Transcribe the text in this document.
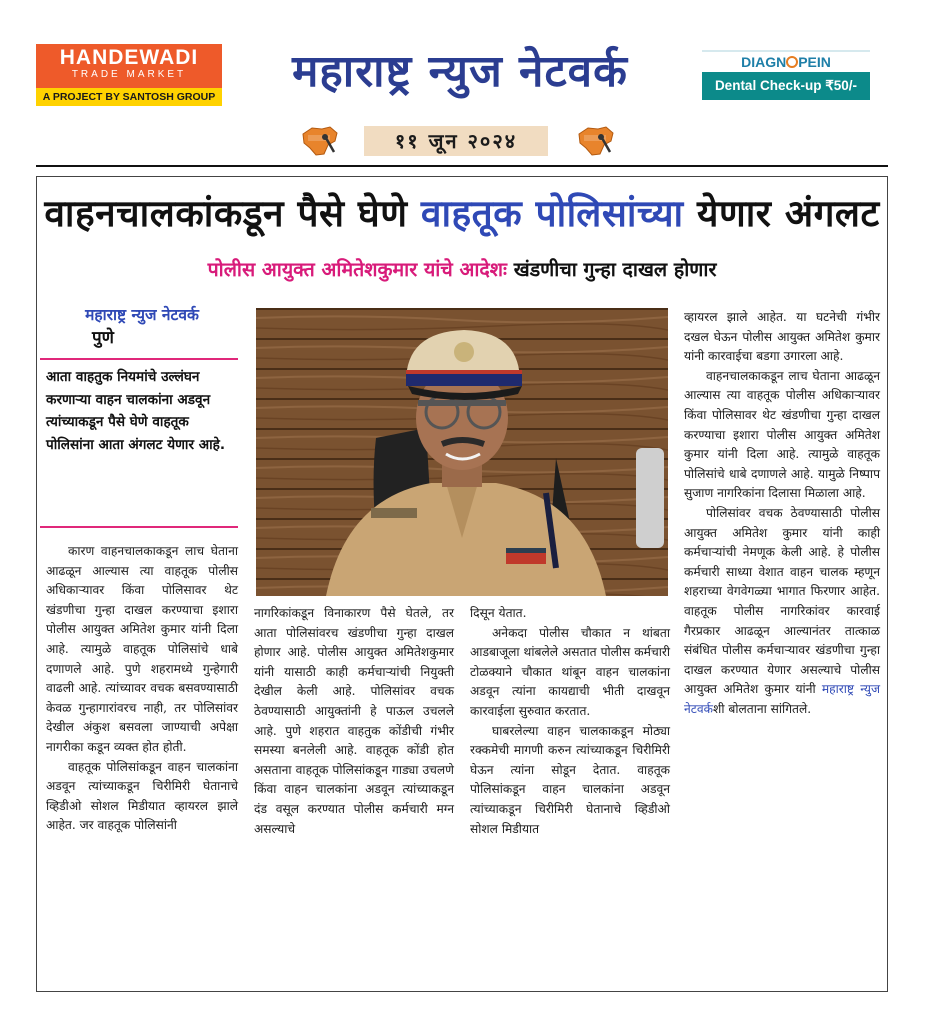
HANDEWADI
TRADE MARKET
A PROJECT BY SANTOSH GROUP	महाराष्ट्र न्युज नेटवर्क	DIAGN PEIN
Dental Check-up ₹50/-
११ जून २०२४
वाहनचालकांकडून पैसे घेणे वाहतूक पोलिसांच्या येणार अंगलट
पोलीस आयुक्त अमितेशकुमार यांचे आदेशः खंडणीचा गुन्हा दाखल होणार
महाराष्ट्र न्युज नेटवर्क
पुणे
आता वाहतुक नियमांचे उल्लंघन करणाऱ्या वाहन चालकांना अडवून त्यांच्याकडून पैसे घेणे वाहतूक पोलिसांना आता अंगलट येणार आहे.

कारण वाहनचालकाकडून लाच घेताना आढळून आल्यास त्या वाहतूक पोलीस अधिकाऱ्यावर किंवा पोलिसावर थेट खंडणीचा गुन्हा दाखल करण्याचा इशारा पोलीस आयुक्त अमितेश कुमार यांनी दिला आहे. त्यामुळे वाहतूक पोलिसांचे धाबे दणाणले आहे. पुणे शहरामध्ये गुन्हेगारी वाढली आहे. त्यांच्यावर वचक बसवण्यासाठी केवळ गुन्हागारांवरच नाही, तर पोलिसांवर देखील अंकुश बसवला जाण्याची अपेक्षा नागरीका कडून व्यक्त होत होती.

वाहतूक पोलिसांकडून वाहन चालकांना अडवून त्यांच्याकडून चिरीमिरी घेतानाचे व्हिडीओ सोशल मिडीयात व्हायरल झाले आहेत. जर वाहतूक पोलिसांनी

नागरिकांकडून विनाकारण पैसे घेतले, तर आता पोलिसांवरच खंडणीचा गुन्हा दाखल होणार आहे. पोलीस आयुक्त अमितेशकुमार यांनी यासाठी काही कर्मचाऱ्यांची नियुक्ती देखील केली आहे. पोलिसांवर वचक ठेवण्यासाठी आयुक्तांनी हे पाऊल उचलले आहे. पुणे शहरात वाहतुक कोंडीची गंभीर समस्या बनलेली आहे. वाहतूक कोंडी होत असताना वाहतूक पोलिसांकडून गाड्या उचलणे किंवा वाहन चालकांना अडवून त्यांच्याकडून दंड वसूल करण्यात पोलीस कर्मचारी मग्न असल्याचे

दिसून येतात.

अनेकदा पोलीस चौकात न थांबता आडबाजूला थांबलेले असतात पोलीस कर्मचारी टोळक्याने चौकात थांबून वाहन चालकांना अडवून त्यांना कायद्याची भीती दाखवून कारवाईला सुरुवात करतात.

घाबरलेल्या वाहन चालकाकडून मोठ्या रक्कमेची मागणी करुन त्यांच्याकडून चिरीमिरी घेऊन त्यांना सोडून देतात. वाहतूक पोलिसांकडून वाहन चालकांना अडवून त्यांच्याकडून चिरीमिरी घेतानाचे व्हिडीओ सोशल मिडीयात

व्हायरल झाले आहेत. या घटनेची गंभीर दखल घेऊन पोलीस आयुक्त अमितेश कुमार यांनी कारवाईचा बडगा उगारला आहे.

वाहनचालकाकडून लाच घेताना आढळून आल्यास त्या वाहतूक पोलीस अधिकाऱ्यावर किंवा पोलिसावर थेट खंडणीचा गुन्हा दाखल करण्याचा इशारा पोलीस आयुक्त अमितेश कुमार यांनी दिला आहे. त्यामुळे वाहतूक पोलिसांचे धाबे दणाणले आहे. यामुळे निष्पाप सुजाण नागरिकांना दिलासा मिळाला आहे.

पोलिसांवर वचक ठेवण्यासाठी पोलीस आयुक्त अमितेश कुमार यांनी काही कर्मचाऱ्यांची नेमणूक केली आहे. हे पोलीस कर्मचारी साध्या वेशात वाहन चालक म्हणून शहराच्या वेगवेगळ्या भागात फिरणार आहेत. वाहतूक पोलीस नागरिकांवर कारवाई गैरप्रकार आढळून आल्यानंतर तात्काळ संबंधित पोलीस कर्मचाऱ्यावर खंडणीचा गुन्हा दाखल करण्यात येणार असल्याचे पोलीस आयुक्त अमितेश कुमार यांनी महाराष्ट्र न्युज नेटवर्कशी बोलताना सांगितले.
